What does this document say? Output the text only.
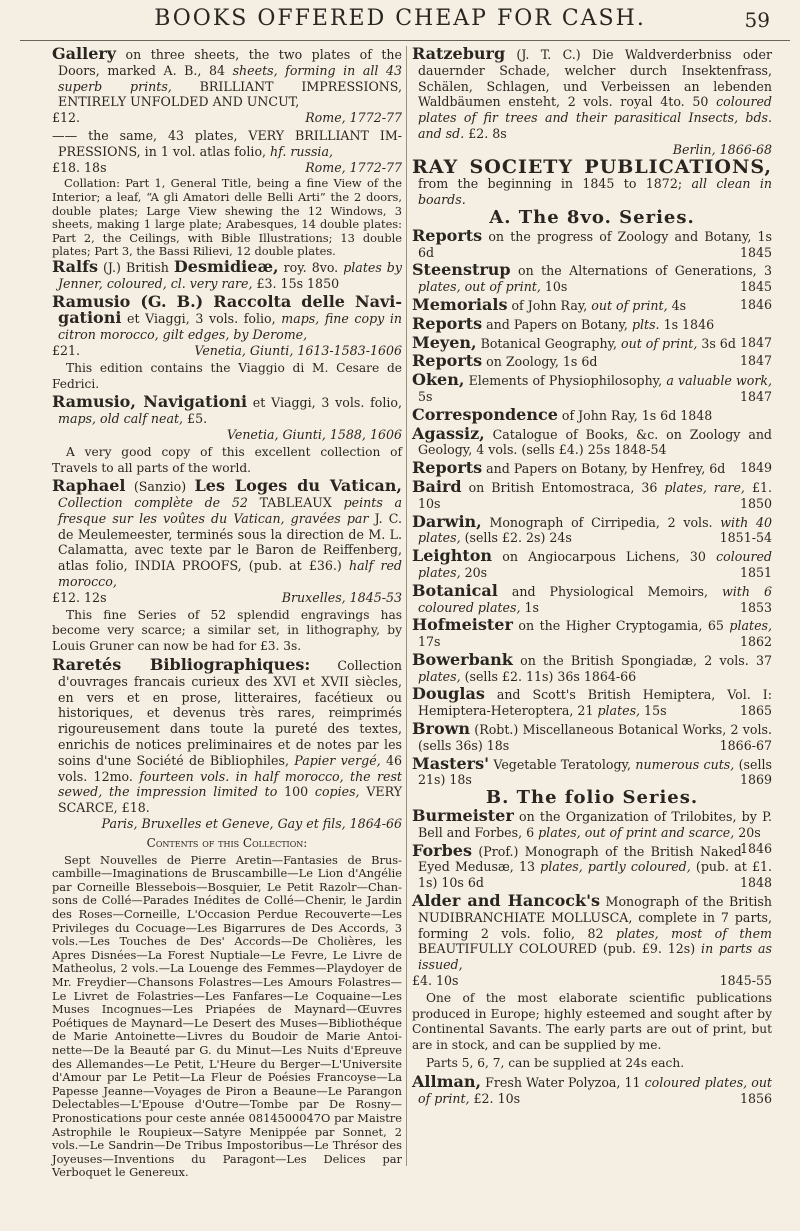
BOOKS OFFERED CHEAP FOR CASH.	59
Gallery on three sheets, the two plates of the Doors, marked A. B., 84 sheets, forming in all 43 superb prints, BRILLIANT IMPRESSIONS, ENTIRELY UNFOLDED AND UNCUT,
£12.	Rome, 1772-77
—— the same, 43 plates, VERY BRILLIANT IMPRESSIONS, in 1 vol. atlas folio, hf. russia,
£18. 18s	Rome, 1772-77

Collation: Part 1, General Title, being a fine View of the Interior; a leaf, “A gli Amatori delle Belli Arti” the 2 doors, double plates; Large View shewing the 12 Windows, 3 sheets, making 1 large plate; Arabesques, 14 double plates: Part 2, the Ceilings, with Bible Illustrations; 13 double plates; Part 3, the Bassi Rilievi, 12 double plates.

Ralfs (J.) British Desmidieæ, roy. 8vo. plates by Jenner, coloured, cl. very rare, £3. 15s 1850
Ramusio (G. B.) Raccolta delle Navigationi et Viaggi, 3 vols. folio, maps, fine copy in citron morocco, gilt edges, by Derome,
£21.	Venetia, Giunti, 1613-1583-1606

This edition contains the Viaggio di M. Cesare de Fedrici.

Ramusio, Navigationi et Viaggi, 3 vols. folio, maps, old calf neat, £5.
Venetia, Giunti, 1588, 1606

A very good copy of this excellent collection of Travels to all parts of the world.

Raphael (Sanzio) Les Loges du Vatican, Collection complète de 52 TABLEAUX peints a fresque sur les voûtes du Vatican, gravées par J. C. de Meulemeester, terminés sous la direction de M. L. Calamatta, avec texte par le Baron de Reiffenberg, atlas folio, INDIA PROOFS, (pub. at £36.) half red morocco,
£12. 12s	Bruxelles, 1845-53

This fine Series of 52 splendid engravings has become very scarce; a similar set, in lithography, by Louis Gruner can now be had for £3. 3s.

Raretés Bibliographiques: Collection d'ouvrages francais curieux des XVI et XVII siècles, en vers et en prose, litteraires, facétieux ou historiques, et devenus très rares, reimprimés rigoureusement dans toute la pureté des textes, enrichis de notices preliminaires et de notes par les soins d'une Société de Bibliophiles, Papier vergé, 46 vols. 12mo. fourteen vols. in half morocco, the rest sewed, the impression limited to 100 copies, VERY SCARCE, £18.
Paris, Bruxelles et Geneve, Gay et fils, 1864-66
Contents of this Collection:

Sept Nouvelles de Pierre Aretin—Fantasies de Bruscambille—Imaginations de Bruscambille—Le Lion d'Angélie par Corneille Blessebois—Bosquier, Le Petit Razolr—Chansons de Collé—Parades Inédites de Collé—Chenir, le Jardin des Roses—Corneille, L'Occasion Perdue Recouverte—Les Privileges du Cocuage—Les Bigarrures de Des Accords, 3 vols.—Les Touches de Des' Accords—De Cholières, les Apres Disnées—La Forest Nuptiale—Le Fevre, Le Livre de Matheolus, 2 vols.—La Louenge des Femmes—Playdoyer de Mr. Freydier—Chansons Folastres—Les Amours Folastres—Le Livret de Folastries—Les Fanfares—Le Coquaine—Les Muses Incognues—Les Priapées de Maynard—Œuvres Poétiques de Maynard—Le Desert des Muses—Bibliothéque de Marie Antoinette—Livres du Boudoir de Marie Antoinette—De la Beauté par G. du Minut—Les Nuits d'Epreuve des Allemandes—Le Petit, L'Heure du Berger—L'Universite d'Amour par Le Petit—La Fleur de Poésies Francoyse—La Papesse Jeanne—Voyages de Piron a Beaune—Le Parangon Delectables—L'Epouse d'Outre—Tombe par De Rosny—Pronostications pour ceste année 0814500047O par Maistre Astrophile le Roupieux—Satyre Menippée par Sonnet, 2 vols.—Le Sandrin—De Tribus Impostoribus—Le Thrésor des Joyeuses—Inventions du Paragont—Les Delices par Verboquet le Genereux.

Ratzeburg (J. T. C.) Die Waldverderbniss oder dauernder Schade, welcher durch Insektenfrass, Schälen, Schlagen, und Verbeissen an lebenden Waldbäumen ensteht, 2 vols. royal 4to. 50 coloured plates of fir trees and their parasitical Insects, bds. and sd. £2. 8s
Berlin, 1866-68
RAY SOCIETY PUBLICATIONS, from the beginning in 1845 to 1872; all clean in boards.
A. The 8vo. Series.
Reports on the progress of Zoology and Botany, 1s 6d	1845
Steenstrup on the Alternations of Generations, 3 plates, out of print, 10s	1845
Memorials of John Ray, out of print, 4s	1846
Reports and Papers on Botany, plts. 1s 1846
Meyen, Botanical Geography, out of print, 3s 6d 1847
Reports on Zoology, 1s 6d	1847
Oken, Elements of Physiophilosophy, a valuable work, 5s	1847
Correspondence of John Ray, 1s 6d 1848
Agassiz, Catalogue of Books, &c. on Zoology and Geology, 4 vols. (sells £4.) 25s 1848-54
Reports and Papers on Botany, by Henfrey, 6d 1849
Baird on British Entomostraca, 36 plates, rare, £1. 10s	1850
Darwin, Monograph of Cirripedia, 2 vols. with 40 plates, (sells £2. 2s) 24s	1851-54
Leighton on Angiocarpous Lichens, 30 coloured plates, 20s	1851
Botanical and Physiological Memoirs, with 6 coloured plates, 1s	1853
Hofmeister on the Higher Cryptogamia, 65 plates, 17s	1862
Bowerbank on the British Spongiadæ, 2 vols. 37 plates, (sells £2. 11s) 36s 1864-66
Douglas and Scott's British Hemiptera, Vol. I: Hemiptera-Heteroptera, 21 plates, 15s	1865
Brown (Robt.) Miscellaneous Botanical Works, 2 vols. (sells 36s) 18s	1866-67
Masters' Vegetable Teratology, numerous cuts, (sells 21s) 18s	1869
B. The folio Series.
Burmeister on the Organization of Trilobites, by P. Bell and Forbes, 6 plates, out of print and scarce, 20s
1846
Forbes (Prof.) Monograph of the British Naked-Eyed Medusæ, 13 plates, partly coloured, (pub. at £1. 1s) 10s 6d	1848
Alder and Hancock's Monograph of the British NUDIBRANCHIATE MOLLUSCA, complete in 7 parts, forming 2 vols. folio, 82 plates, most of them BEAUTIFULLY COLOURED (pub. £9. 12s) in parts as issued,
£4. 10s	1845-55

One of the most elaborate scientific publications produced in Europe; highly esteemed and sought after by Continental Savants. The early parts are out of print, but are in stock, and can be supplied by me.

Parts 5, 6, 7, can be supplied at 24s each.

Allman, Fresh Water Polyzoa, 11 coloured plates, out of print, £2. 10s	1856
